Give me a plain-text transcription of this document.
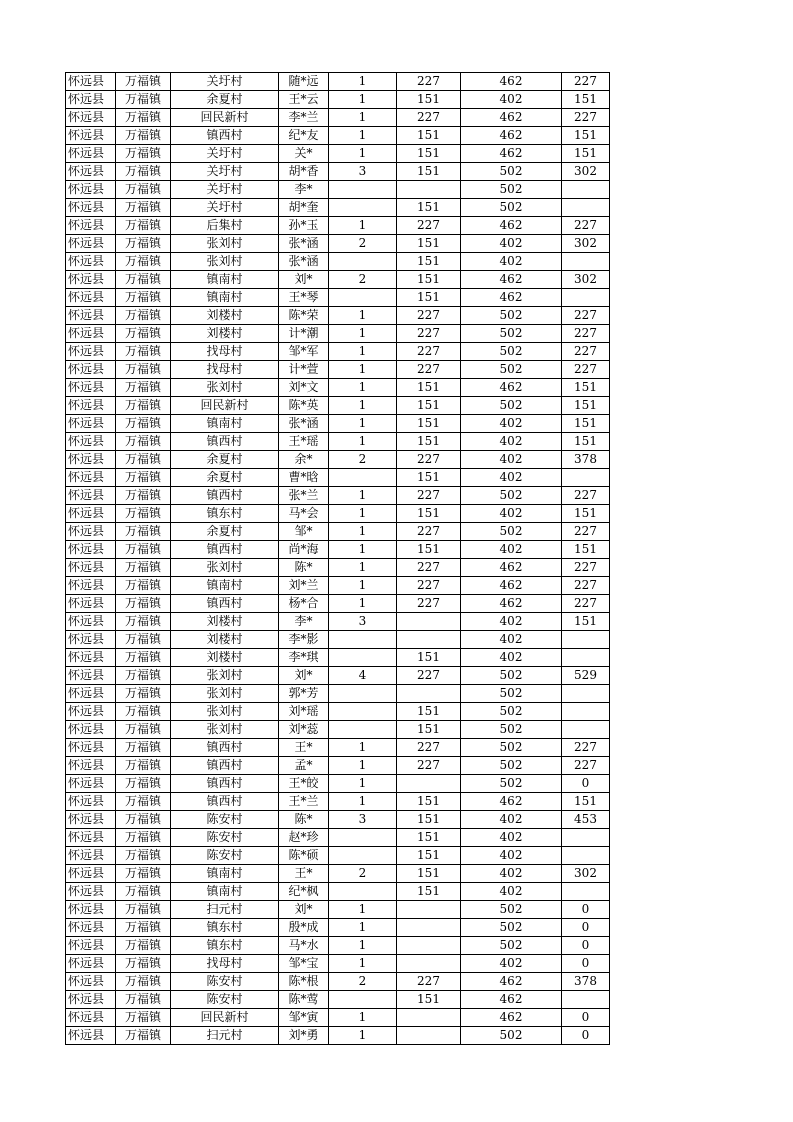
怀远县	万福镇	关圩村	随*远	1	227	462	227
怀远县	万福镇	余夏村	王*云	1	151	402	151
怀远县	万福镇	回民新村	李*兰	1	227	462	227
怀远县	万福镇	镇西村	纪*友	1	151	462	151
怀远县	万福镇	关圩村	关*	1	151	462	151
怀远县	万福镇	关圩村	胡*香	3	151	502	302
怀远县	万福镇	关圩村	李*			502	
怀远县	万福镇	关圩村	胡*奎		151	502	
怀远县	万福镇	后集村	孙*玉	1	227	462	227
怀远县	万福镇	张刘村	张*涵	2	151	402	302
怀远县	万福镇	张刘村	张*涵		151	402	
怀远县	万福镇	镇南村	刘*	2	151	462	302
怀远县	万福镇	镇南村	王*琴		151	462	
怀远县	万福镇	刘楼村	陈*荣	1	227	502	227
怀远县	万福镇	刘楼村	计*潮	1	227	502	227
怀远县	万福镇	找母村	邹*军	1	227	502	227
怀远县	万福镇	找母村	计*萱	1	227	502	227
怀远县	万福镇	张刘村	刘*文	1	151	462	151
怀远县	万福镇	回民新村	陈*英	1	151	502	151
怀远县	万福镇	镇南村	张*涵	1	151	402	151
怀远县	万福镇	镇西村	王*瑶	1	151	402	151
怀远县	万福镇	余夏村	余*	2	227	402	378
怀远县	万福镇	余夏村	曹*晗		151	402	
怀远县	万福镇	镇西村	张*兰	1	227	502	227
怀远县	万福镇	镇东村	马*会	1	151	402	151
怀远县	万福镇	余夏村	邹*	1	227	502	227
怀远县	万福镇	镇西村	尚*海	1	151	402	151
怀远县	万福镇	张刘村	陈*	1	227	462	227
怀远县	万福镇	镇南村	刘*兰	1	227	462	227
怀远县	万福镇	镇西村	杨*合	1	227	462	227
怀远县	万福镇	刘楼村	李*	3		402	151
怀远县	万福镇	刘楼村	李*影			402	
怀远县	万福镇	刘楼村	李*琪		151	402	
怀远县	万福镇	张刘村	刘*	4	227	502	529
怀远县	万福镇	张刘村	郭*芳			502	
怀远县	万福镇	张刘村	刘*瑶		151	502	
怀远县	万福镇	张刘村	刘*蕊		151	502	
怀远县	万福镇	镇西村	王*	1	227	502	227
怀远县	万福镇	镇西村	孟*	1	227	502	227
怀远县	万福镇	镇西村	王*皎	1		502	0
怀远县	万福镇	镇西村	王*兰	1	151	462	151
怀远县	万福镇	陈安村	陈*	3	151	402	453
怀远县	万福镇	陈安村	赵*珍		151	402	
怀远县	万福镇	陈安村	陈*硕		151	402	
怀远县	万福镇	镇南村	王*	2	151	402	302
怀远县	万福镇	镇南村	纪*枫		151	402	
怀远县	万福镇	扫元村	刘*	1		502	0
怀远县	万福镇	镇东村	殷*成	1		502	0
怀远县	万福镇	镇东村	马*水	1		502	0
怀远县	万福镇	找母村	邹*宝	1		402	0
怀远县	万福镇	陈安村	陈*根	2	227	462	378
怀远县	万福镇	陈安村	陈*莺		151	462	
怀远县	万福镇	回民新村	邹*寅	1		462	0
怀远县	万福镇	扫元村	刘*勇	1		502	0
